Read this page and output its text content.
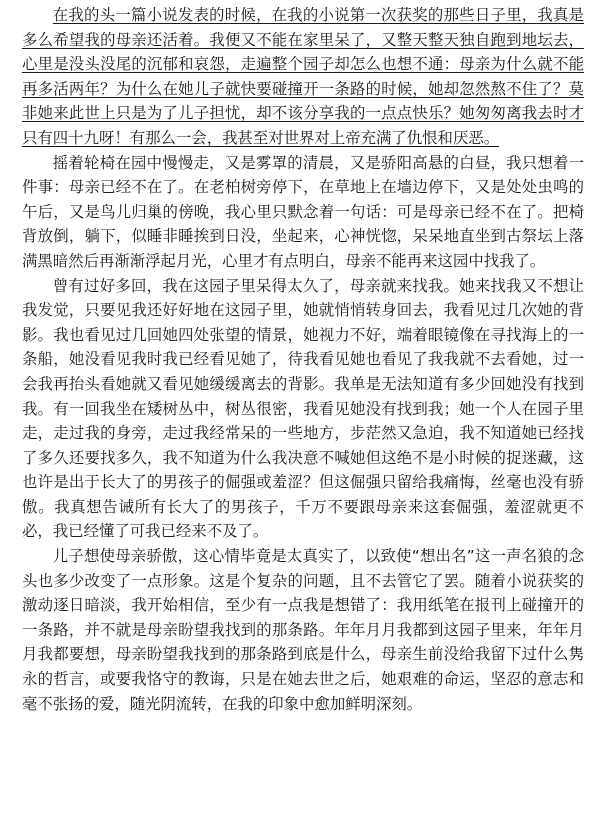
在我的头一篇小说发表的时候，在我的小说第一次获奖的那些日子里，我真是多么希望我的母亲还活着。我便又不能在家里呆了，又整天整天独自跑到地坛去，心里是没头没尾的沉郁和哀怨，走遍整个园子却怎么也想不通：母亲为什么就不能再多活两年？为什么在她儿子就快要碰撞开一条路的时候，她却忽然熬不住了？莫非她来此世上只是为了儿子担忧，却不该分享我的一点点快乐？她匆匆离我去时才只有四十九呀！有那么一会，我甚至对世界对上帝充满了仇恨和厌恶。

摇着轮椅在园中慢慢走，又是雾罩的清晨，又是骄阳高悬的白昼，我只想着一件事：母亲已经不在了。在老柏树旁停下，在草地上在墙边停下，又是处处虫鸣的午后，又是鸟儿归巢的傍晚，我心里只默念着一句话：可是母亲已经不在了。把椅背放倒，躺下，似睡非睡挨到日没，坐起来，心神恍惚，呆呆地直坐到古祭坛上落满黑暗然后再渐渐浮起月光，心里才有点明白，母亲不能再来这园中找我了。

曾有过好多回，我在这园子里呆得太久了，母亲就来找我。她来找我又不想让我发觉，只要见我还好好地在这园子里，她就悄悄转身回去，我看见过几次她的背影。我也看见过几回她四处张望的情景，她视力不好，端着眼镜像在寻找海上的一条船，她没看见我时我已经看见她了，待我看见她也看见了我我就不去看她，过一会我再抬头看她就又看见她缓缓离去的背影。我单是无法知道有多少回她没有找到我。有一回我坐在矮树丛中，树丛很密，我看见她没有找到我；她一个人在园子里走，走过我的身旁，走过我经常呆的一些地方，步茫然又急迫，我不知道她已经找了多久还要找多久，我不知道为什么我决意不喊她但这绝不是小时候的捉迷藏，这也许是出于长大了的男孩子的倔强或羞涩？但这倔强只留给我痛悔，丝毫也没有骄傲。我真想告诫所有长大了的男孩子，千万不要跟母亲来这套倔强，羞涩就更不必，我已经懂了可我已经来不及了。

儿子想使母亲骄傲，这心情毕竟是太真实了，以致使“想出名”这一声名狼的念头也多少改变了一点形象。这是个复杂的问题，且不去管它了罢。随着小说获奖的激动逐日暗淡，我开始相信，至少有一点我是想错了：我用纸笔在报刊上碰撞开的一条路，并不就是母亲盼望我找到的那条路。年年月月我都到这园子里来，年年月月我都要想，母亲盼望我找到的那条路到底是什么，母亲生前没给我留下过什么隽永的哲言，或要我恪守的教诲，只是在她去世之后，她艰难的命运，坚忍的意志和毫不张扬的爱，随光阴流转，在我的印象中愈加鲜明深刻。
